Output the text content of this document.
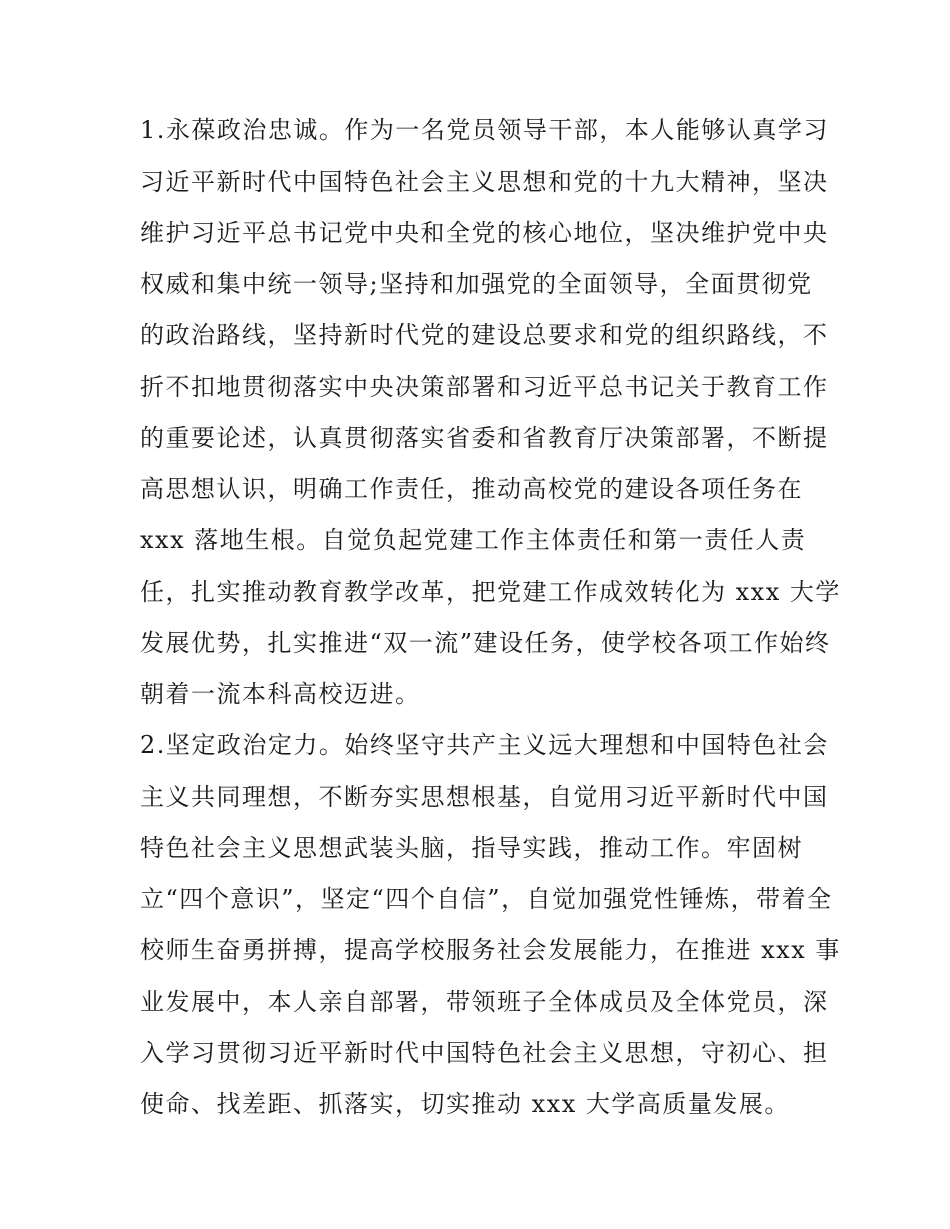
1.永葆政治忠诚。作为一名党员领导干部，本人能够认真学习
习近平新时代中国特色社会主义思想和党的十九大精神，坚决
维护习近平总书记党中央和全党的核心地位，坚决维护党中央
权威和集中统一领导;坚持和加强党的全面领导，全面贯彻党
的政治路线，坚持新时代党的建设总要求和党的组织路线，不
折不扣地贯彻落实中央决策部署和习近平总书记关于教育工作
的重要论述，认真贯彻落实省委和省教育厅决策部署，不断提
高思想认识，明确工作责任，推动高校党的建设各项任务在
xxx 落地生根。自觉负起党建工作主体责任和第一责任人责
任，扎实推动教育教学改革，把党建工作成效转化为 xxx 大学
发展优势，扎实推进“双一流”建设任务，使学校各项工作始终
朝着一流本科高校迈进。
2.坚定政治定力。始终坚守共产主义远大理想和中国特色社会
主义共同理想，不断夯实思想根基，自觉用习近平新时代中国
特色社会主义思想武装头脑，指导实践，推动工作。牢固树
立“四个意识”，坚定“四个自信”，自觉加强党性锤炼，带着全
校师生奋勇拼搏，提高学校服务社会发展能力，在推进 xxx 事
业发展中，本人亲自部署，带领班子全体成员及全体党员，深
入学习贯彻习近平新时代中国特色社会主义思想，守初心、担
使命、找差距、抓落实，切实推动 xxx 大学高质量发展。
